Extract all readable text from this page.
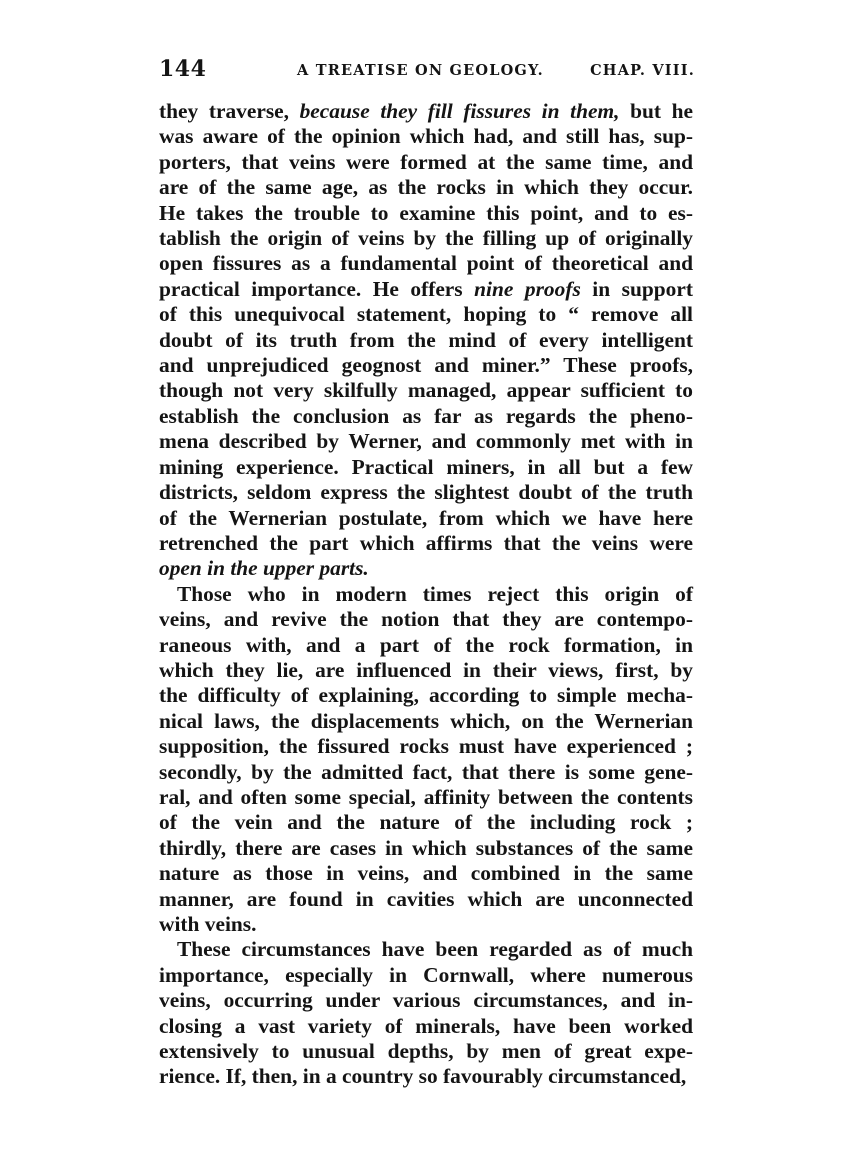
144	A TREATISE ON GEOLOGY.	CHAP. VIII.
they traverse, because they fill fissures in them, but he
was aware of the opinion which had, and still has, sup-
porters, that veins were formed at the same time, and
are of the same age, as the rocks in which they occur.
He takes the trouble to examine this point, and to es-
tablish the origin of veins by the filling up of originally
open fissures as a fundamental point of theoretical and
practical importance. He offers nine proofs in support
of this unequivocal statement, hoping to “ remove all
doubt of its truth from the mind of every intelligent
and unprejudiced geognost and miner.” These proofs,
though not very skilfully managed, appear sufficient to
establish the conclusion as far as regards the pheno-
mena described by Werner, and commonly met with in
mining experience. Practical miners, in all but a few
districts, seldom express the slightest doubt of the truth
of the Wernerian postulate, from which we have here
retrenched the part which affirms that the veins were
open in the upper parts.
Those who in modern times reject this origin of
veins, and revive the notion that they are contempo-
raneous with, and a part of the rock formation, in
which they lie, are influenced in their views, first, by
the difficulty of explaining, according to simple mecha-
nical laws, the displacements which, on the Wernerian
supposition, the fissured rocks must have experienced ;
secondly, by the admitted fact, that there is some gene-
ral, and often some special, affinity between the contents
of the vein and the nature of the including rock ;
thirdly, there are cases in which substances of the same
nature as those in veins, and combined in the same
manner, are found in cavities which are unconnected
with veins.
These circumstances have been regarded as of much
importance, especially in Cornwall, where numerous
veins, occurring under various circumstances, and in-
closing a vast variety of minerals, have been worked
extensively to unusual depths, by men of great expe-
rience. If, then, in a country so favourably circumstanced,
